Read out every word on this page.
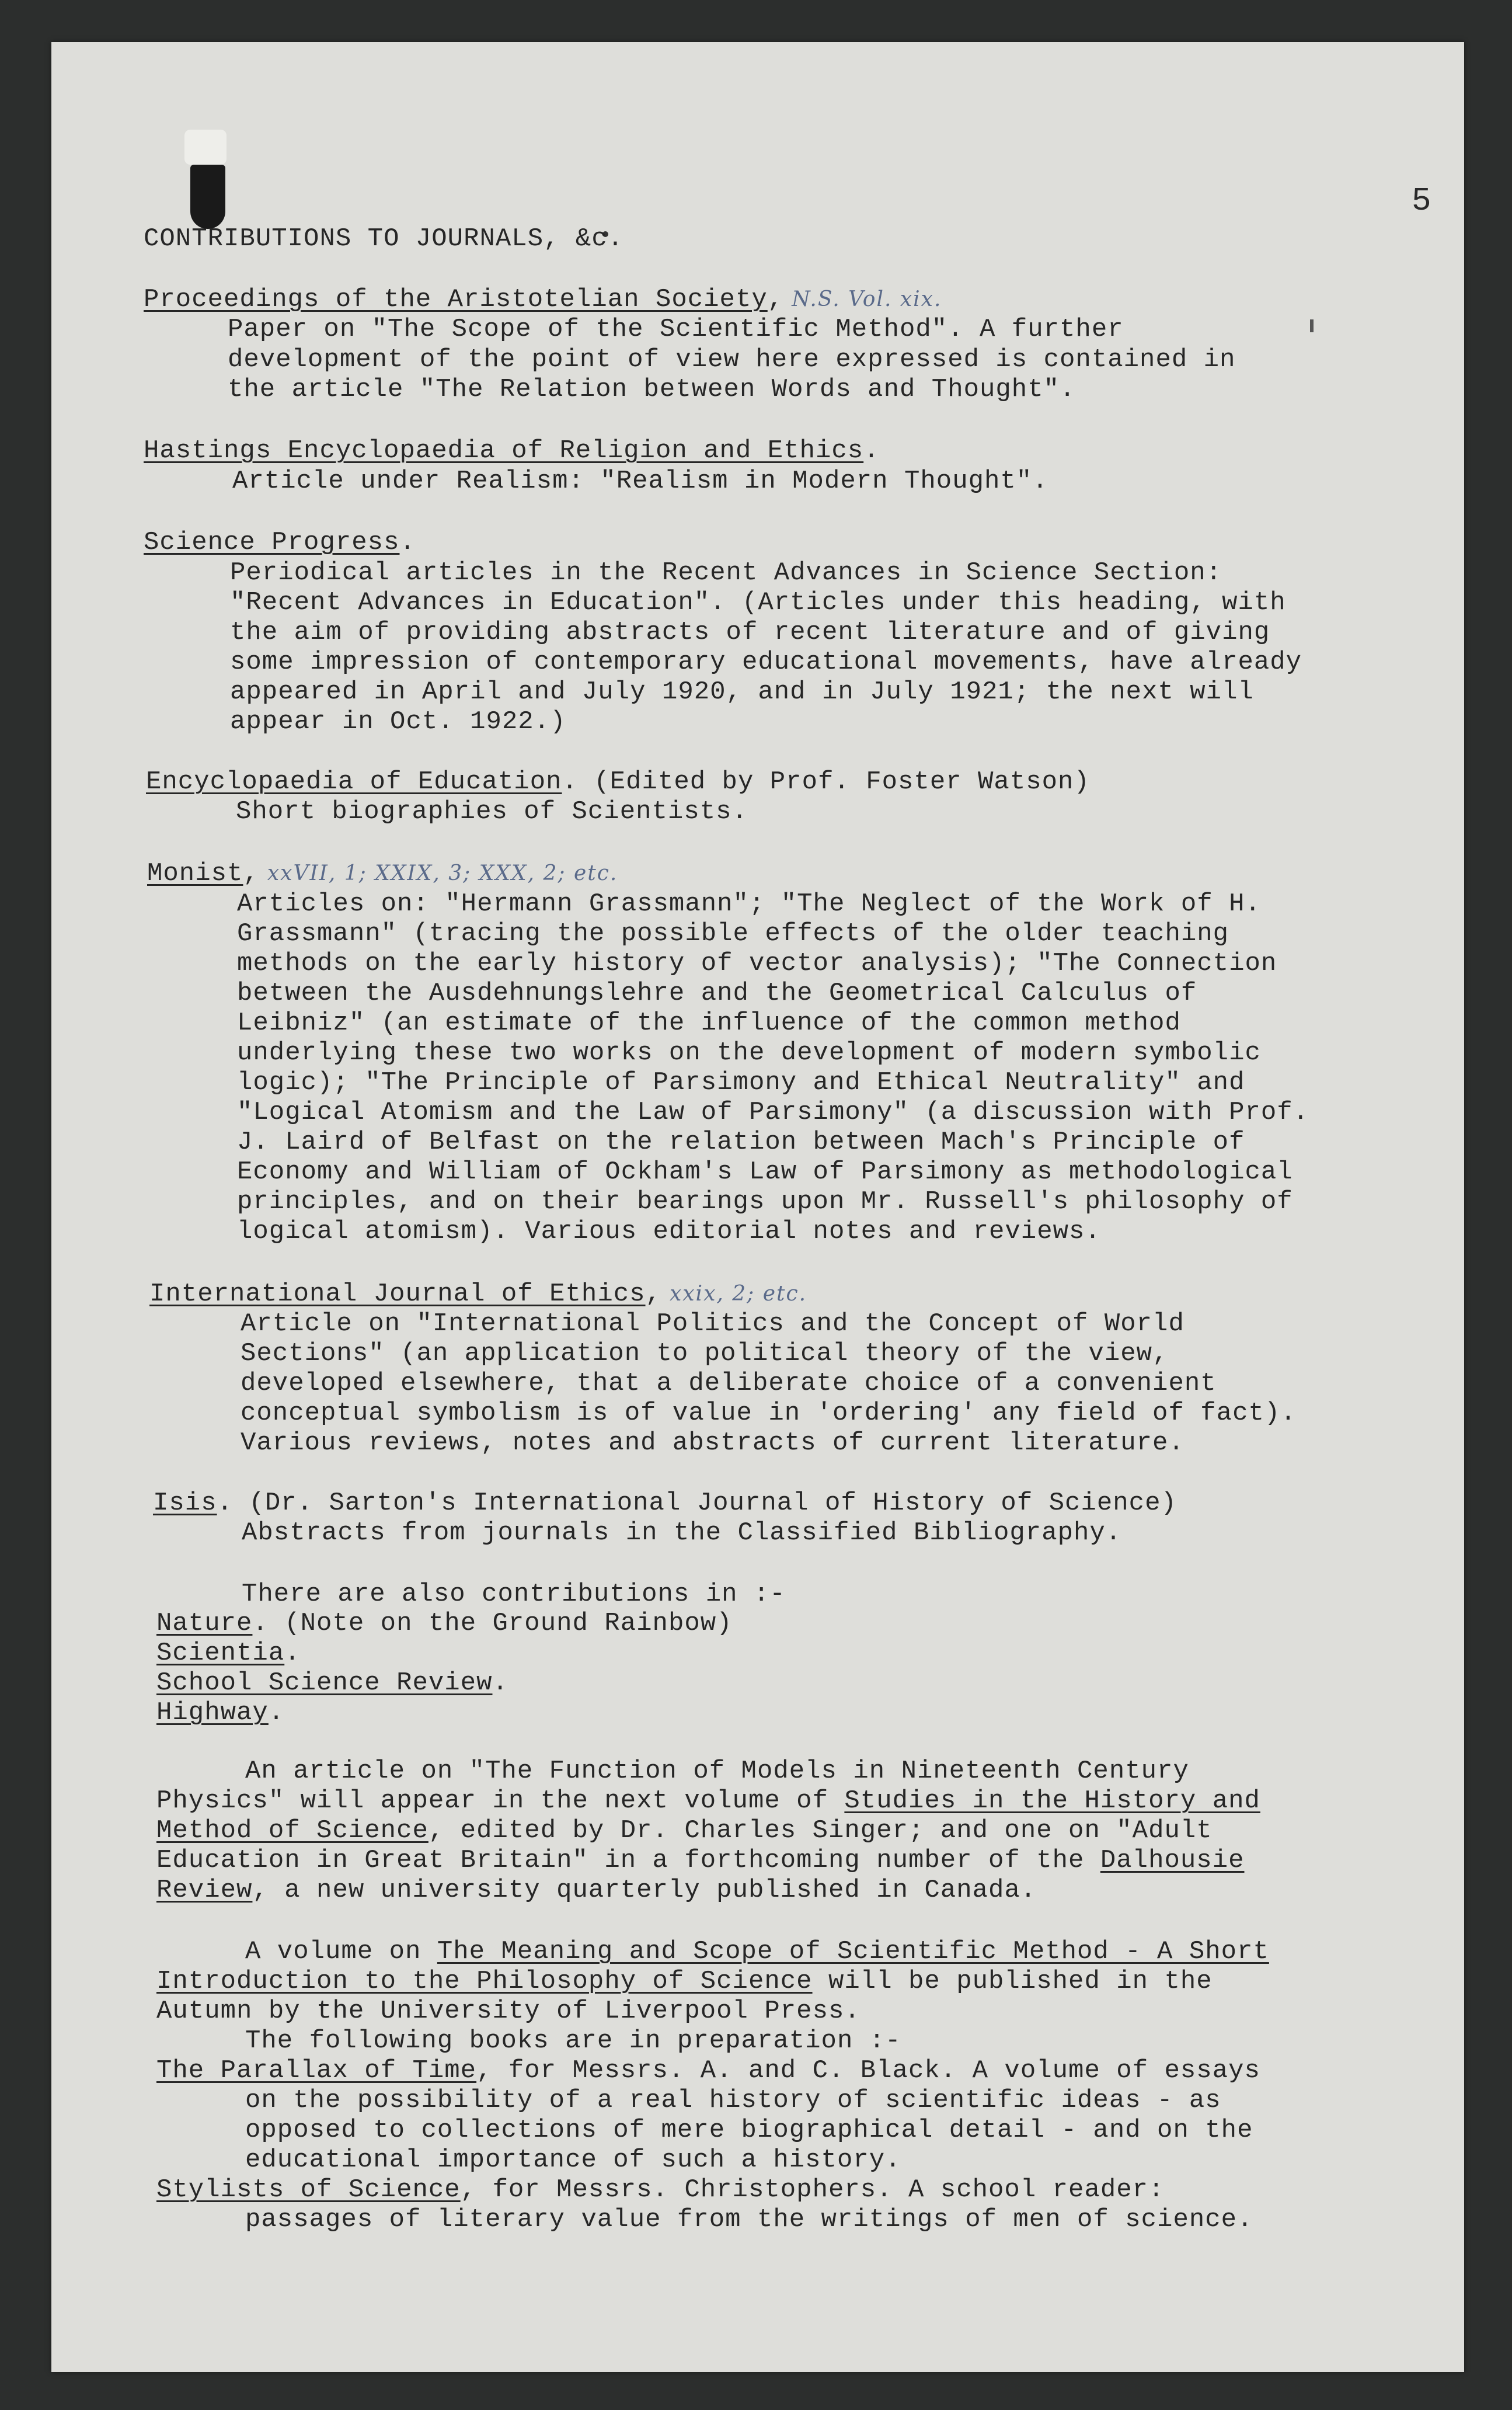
5
CONTRIBUTIONS TO JOURNALS, &c.
Proceedings of the Aristotelian Society, N.S. Vol. xix.
Paper on "The Scope of the Scientific Method". A further
development of the point of view here expressed is contained in
the article "The Relation between Words and Thought".
Hastings Encyclopaedia of Religion and Ethics.
Article under Realism: "Realism in Modern Thought".
Science Progress.
Periodical articles in the Recent Advances in Science Section:
"Recent Advances in Education". (Articles under this heading, with
the aim of providing abstracts of recent literature and of giving
some impression of contemporary educational movements, have already
appeared in April and July 1920, and in July 1921; the next will
appear in Oct. 1922.)
Encyclopaedia of Education. (Edited by Prof. Foster Watson)
Short biographies of Scientists.
Monist, xxVII, 1; XXIX, 3; XXX, 2; etc.
Articles on: "Hermann Grassmann"; "The Neglect of the Work of H.
Grassmann" (tracing the possible effects of the older teaching
methods on the early history of vector analysis); "The Connection
between the Ausdehnungslehre and the Geometrical Calculus of
Leibniz" (an estimate of the influence of the common method
underlying these two works on the development of modern symbolic
logic); "The Principle of Parsimony and Ethical Neutrality" and
"Logical Atomism and the Law of Parsimony" (a discussion with Prof.
J. Laird of Belfast on the relation between Mach's Principle of
Economy and William of Ockham's Law of Parsimony as methodological
principles, and on their bearings upon Mr. Russell's philosophy of
logical atomism). Various editorial notes and reviews.
International Journal of Ethics, xxix, 2; etc.
Article on "International Politics and the Concept of World
Sections" (an application to political theory of the view,
developed elsewhere, that a deliberate choice of a convenient
conceptual symbolism is of value in 'ordering' any field of fact).
Various reviews, notes and abstracts of current literature.
Isis. (Dr. Sarton's International Journal of History of Science)
Abstracts from journals in the Classified Bibliography.
There are also contributions in :-
Nature. (Note on the Ground Rainbow)
Scientia.
School Science Review.
Highway.
An article on "The Function of Models in Nineteenth Century
Physics" will appear in the next volume of Studies in the History and
Method of Science, edited by Dr. Charles Singer; and one on "Adult
Education in Great Britain" in a forthcoming number of the Dalhousie
Review, a new university quarterly published in Canada.
A volume on The Meaning and Scope of Scientific Method - A Short
Introduction to the Philosophy of Science will be published in the
Autumn by the University of Liverpool Press.
The following books are in preparation :-
The Parallax of Time, for Messrs. A. and C. Black. A volume of essays
on the possibility of a real history of scientific ideas - as
opposed to collections of mere biographical detail - and on the
educational importance of such a history.
Stylists of Science, for Messrs. Christophers. A school reader:
passages of literary value from the writings of men of science.
